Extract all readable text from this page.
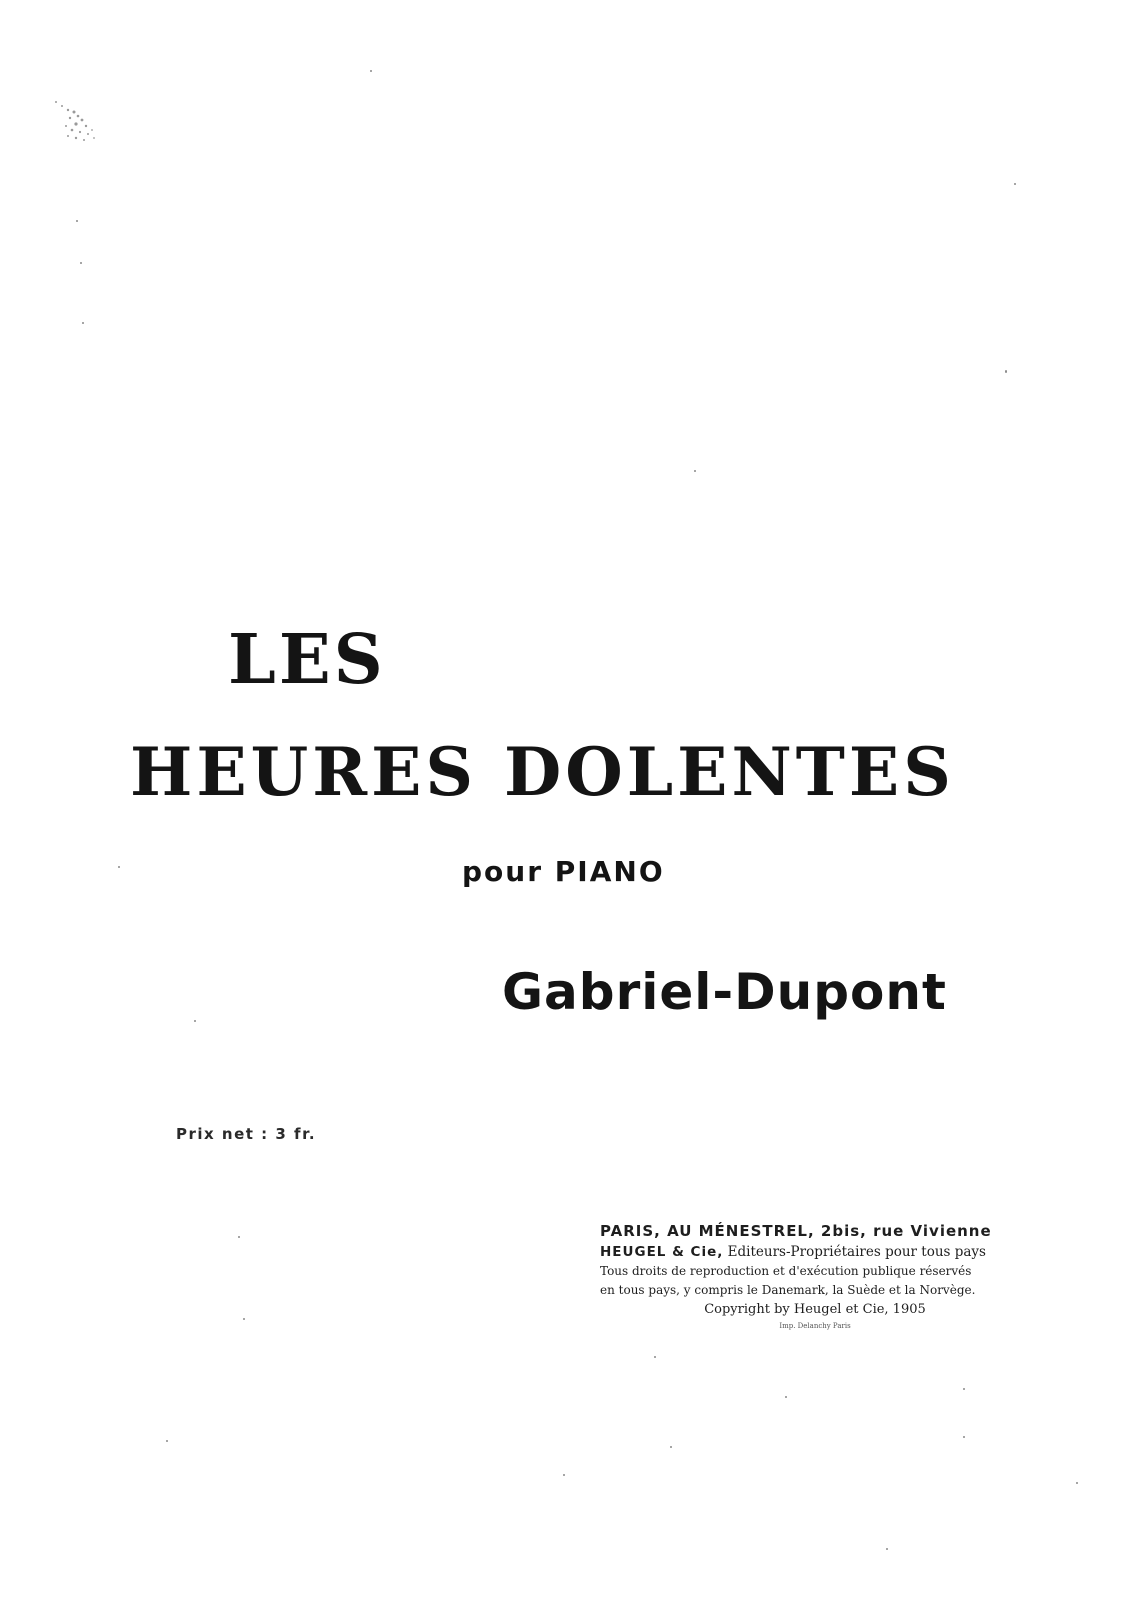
LES
HEURES DOLENTES
pour PIANO
Gabriel-Dupont
Prix net : 3 fr.
PARIS, AU MÉNESTREL, 2bis, rue Vivienne
HEUGEL & Cie, Editeurs-Propriétaires pour tous pays
Tous droits de reproduction et d'exécution publique réservés
en tous pays, y compris le Danemark, la Suède et la Norvège.
Copyright by Heugel et Cie, 1905
Imp. Delanchy Paris
